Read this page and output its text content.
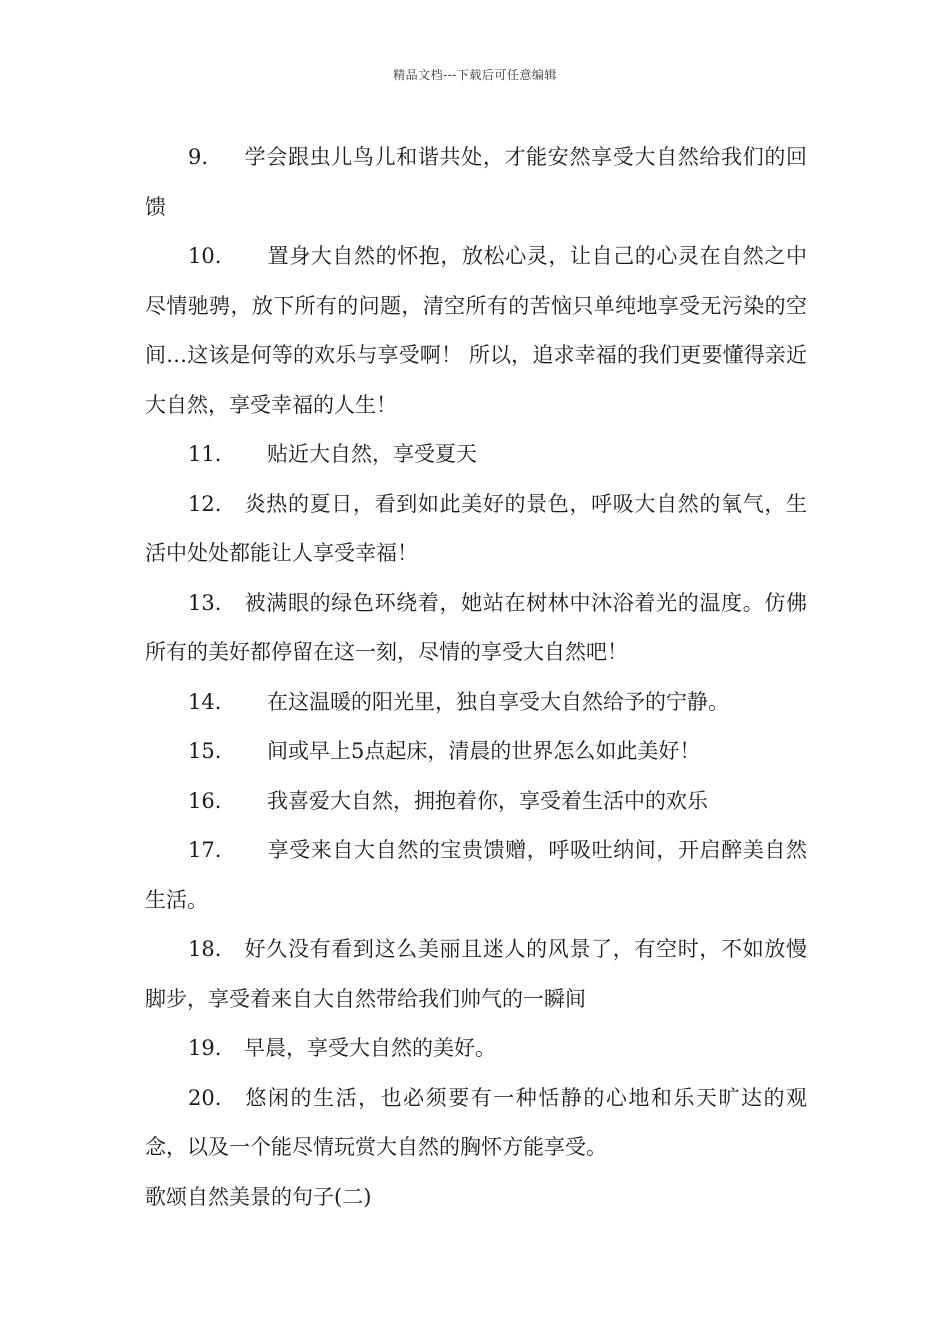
精品文档---下载后可任意编辑

9. 学会跟虫儿鸟儿和谐共处，才能安然享受大自然给我们的回馈

10. 置身大自然的怀抱，放松心灵，让自己的心灵在自然之中尽情驰骋，放下所有的问题，清空所有的苦恼只单纯地享受无污染的空间…这该是何等的欢乐与享受啊！ 所以，追求幸福的我们更要懂得亲近大自然，享受幸福的人生！

11. 贴近大自然，享受夏天

12. 炎热的夏日，看到如此美好的景色，呼吸大自然的氧气，生活中处处都能让人享受幸福！

13. 被满眼的绿色环绕着，她站在树林中沐浴着光的温度。仿佛所有的美好都停留在这一刻，尽情的享受大自然吧！

14. 在这温暖的阳光里，独自享受大自然给予的宁静。

15. 间或早上5点起床，清晨的世界怎么如此美好！

16. 我喜爱大自然，拥抱着你，享受着生活中的欢乐

17. 享受来自大自然的宝贵馈赠，呼吸吐纳间，开启醉美自然生活。

18. 好久没有看到这么美丽且迷人的风景了，有空时，不如放慢脚步，享受着来自大自然带给我们帅气的一瞬间

19. 早晨，享受大自然的美好。

20. 悠闲的生活，也必须要有一种恬静的心地和乐天旷达的观念，以及一个能尽情玩赏大自然的胸怀方能享受。

歌颂自然美景的句子(二)
